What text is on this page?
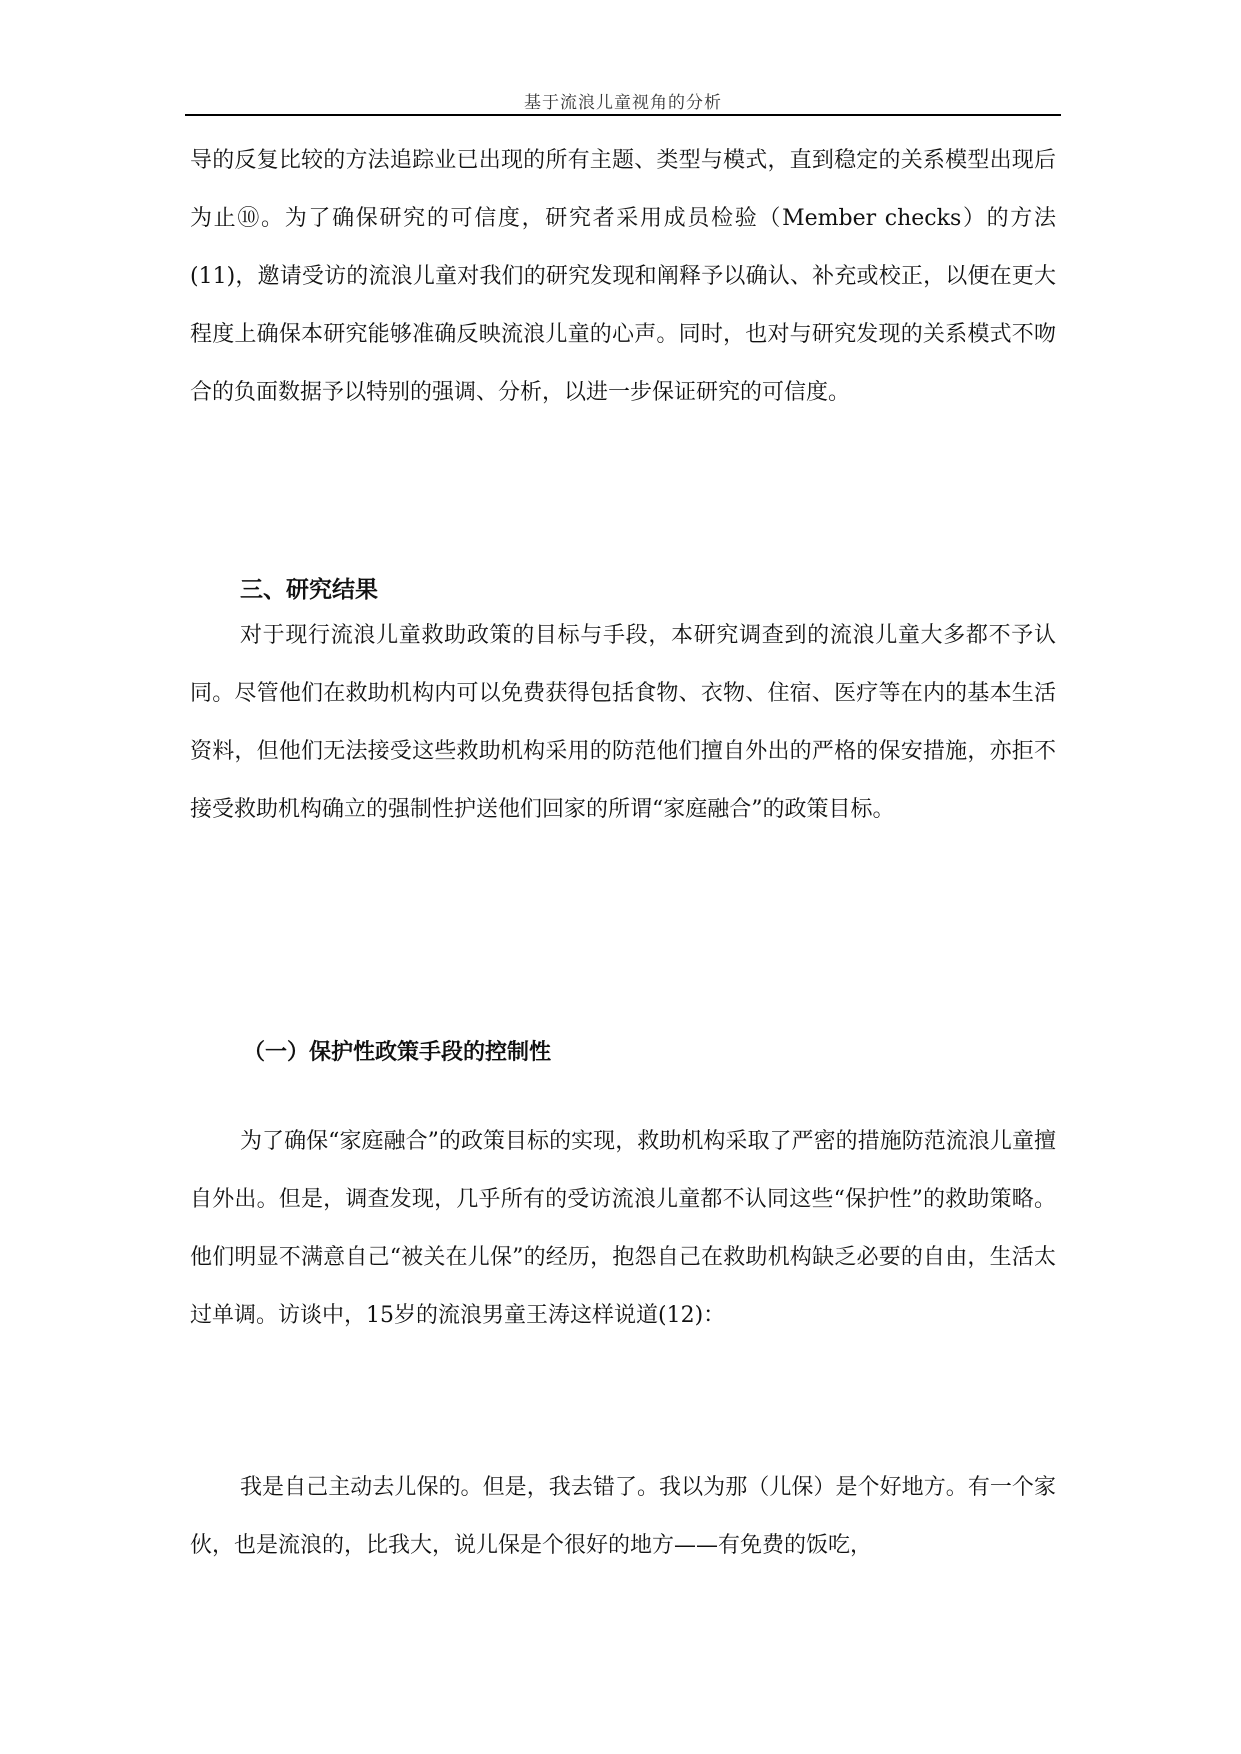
基于流浪儿童视角的分析

导的反复比较的方法追踪业已出现的所有主题、类型与模式，直到稳定的关系模型出现后为止⑩。为了确保研究的可信度，研究者采用成员检验（Member checks）的方法(11)，邀请受访的流浪儿童对我们的研究发现和阐释予以确认、补充或校正，以便在更大程度上确保本研究能够准确反映流浪儿童的心声。同时，也对与研究发现的关系模式不吻合的负面数据予以特别的强调、分析，以进一步保证研究的可信度。

三、研究结果

对于现行流浪儿童救助政策的目标与手段，本研究调查到的流浪儿童大多都不予认同。尽管他们在救助机构内可以免费获得包括食物、衣物、住宿、医疗等在内的基本生活资料，但他们无法接受这些救助机构采用的防范他们擅自外出的严格的保安措施，亦拒不接受救助机构确立的强制性护送他们回家的所谓“家庭融合”的政策目标。

（一）保护性政策手段的控制性

为了确保“家庭融合”的政策目标的实现，救助机构采取了严密的措施防范流浪儿童擅自外出。但是，调查发现，几乎所有的受访流浪儿童都不认同这些“保护性”的救助策略。他们明显不满意自己“被关在儿保”的经历，抱怨自己在救助机构缺乏必要的自由，生活太过单调。访谈中，15岁的流浪男童王涛这样说道(12)：

我是自己主动去儿保的。但是，我去错了。我以为那（儿保）是个好地方。有一个家伙，也是流浪的，比我大，说儿保是个很好的地方——有免费的饭吃，
